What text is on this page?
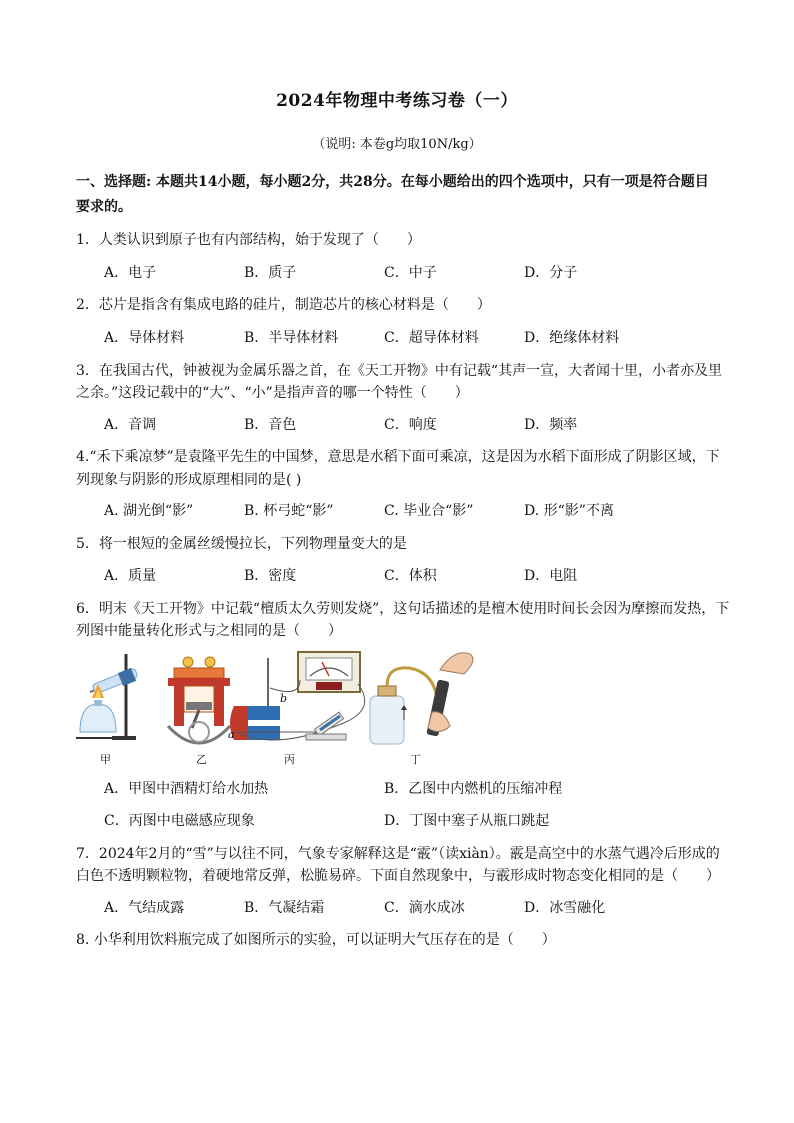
2024年物理中考练习卷（一）
（说明: 本卷g均取10N/kg）
一、选择题: 本题共14小题，每小题2分，共28分。在每小题给出的四个选项中，只有一项是符合题目
要求的。
1．人类认识到原子也有内部结构，始于发现了（　　）
A．电子	B．质子	C．中子	D．分子
2．芯片是指含有集成电路的硅片，制造芯片的核心材料是（　　）
A．导体材料	B．半导体材料	C．超导体材料	D．绝缘体材料
3．在我国古代，钟被视为金属乐器之首，在《天工开物》中有记载“其声一宣，大者闻十里，小者亦及里
之余。”这段记载中的“大”、“小”是指声音的哪一个特性（　　）
A．音调	B．音色	C．响度	D．频率
4.“禾下乘凉梦”是袁隆平先生的中国梦，意思是水稻下面可乘凉，这是因为水稻下面形成了阴影区域，下
列现象与阴影的形成原理相同的是( )
A. 湖光倒“影”	B. 杯弓蛇“影”	C. 毕业合“影”	D. 形“影”不离
5．将一根短的金属丝缓慢拉长，下列物理量变大的是
A．质量	B．密度	C．体积	D．电阻
6．明末《天工开物》中记载“檀质太久劳则发烧”，这句话描述的是檀木使用时间长会因为摩擦而发热，下
列图中能量转化形式与之相同的是（　　）
甲	乙	丙	丁
b
a
A．甲图中酒精灯给水加热	B．乙图中内燃机的压缩冲程
C．丙图中电磁感应现象	D．丁图中塞子从瓶口跳起
7．2024年2月的“雪”与以往不同，气象专家解释这是“霰”（读xiàn）。霰是高空中的水蒸气遇冷后形成的
白色不透明颗粒物，着硬地常反弹，松脆易碎。下面自然现象中，与霰形成时物态变化相同的是（　　）
A．气结成露	B．气凝结霜	C．滴水成冰	D．冰雪融化
8. 小华利用饮料瓶完成了如图所示的实验，可以证明大气压存在的是（　　）
